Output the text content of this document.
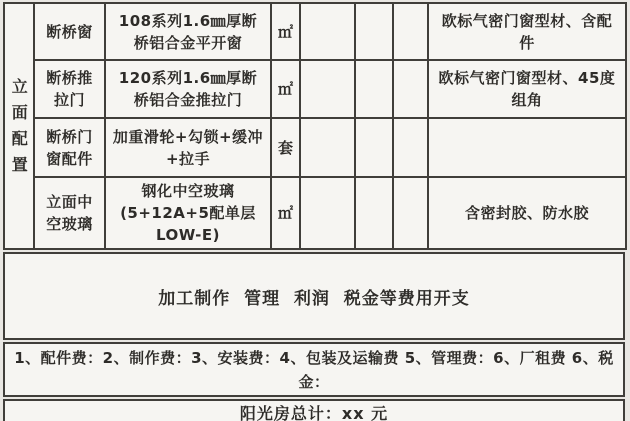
立面配置	断桥窗	108系列1.6㎜厚断桥铝合金平开窗	㎡				欧标气密门窗型材、含配件
	断桥推拉门	120系列1.6㎜厚断桥铝合金推拉门	㎡				欧标气密门窗型材、45度组角
	断桥门窗配件	加重滑轮+勾锁+缓冲+拉手	套				
	立面中空玻璃	钢化中空玻璃(5+12A+5配单层LOW-E)	㎡				含密封胶、防水胶
加工制作  管理  利润  税金等费用开支
1、配件费：2、制作费：3、安装费：4、包装及运输费 5、管理费：6、厂租费 6、税金：
阳光房总计：xx 元
